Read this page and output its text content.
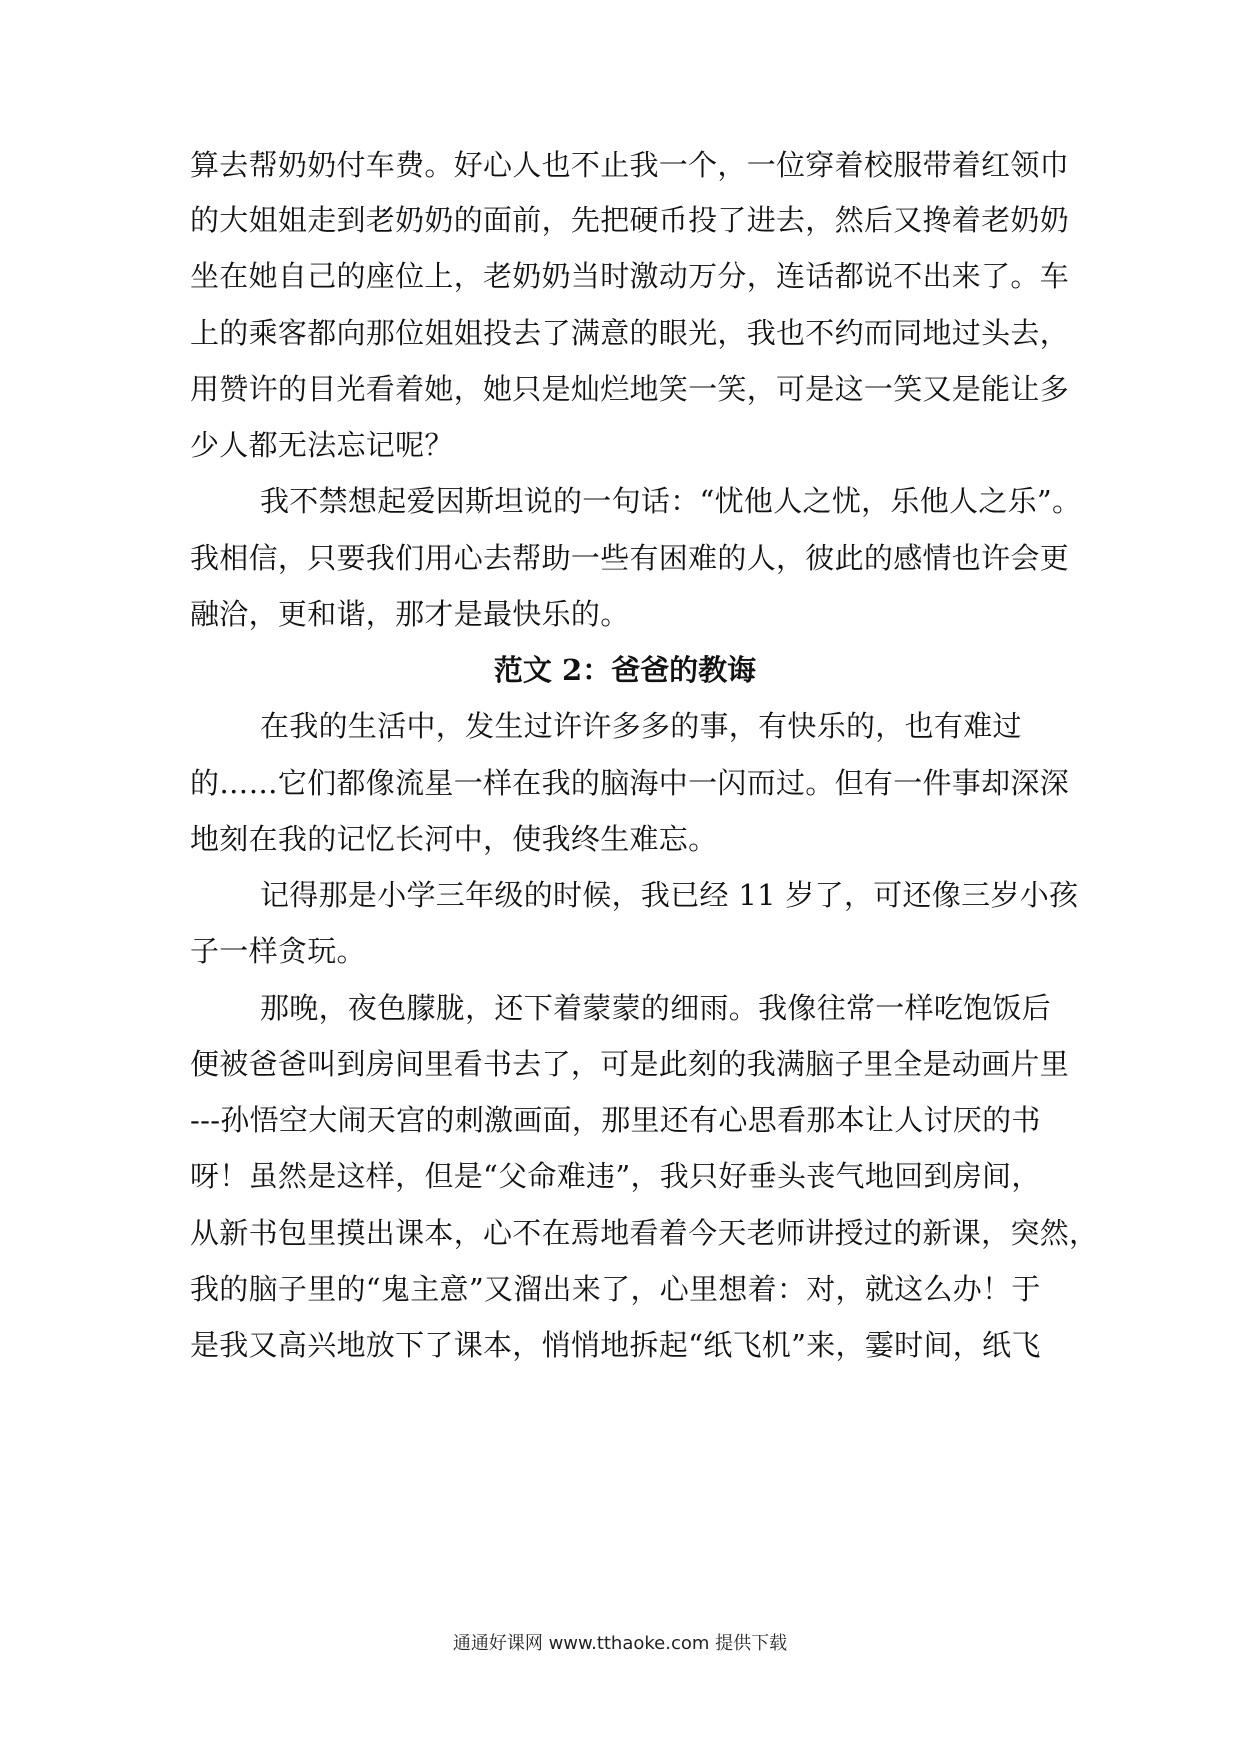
算去帮奶奶付车费。好心人也不止我一个，一位穿着校服带着红领巾
的大姐姐走到老奶奶的面前，先把硬币投了进去，然后又搀着老奶奶
坐在她自己的座位上，老奶奶当时激动万分，连话都说不出来了。车
上的乘客都向那位姐姐投去了满意的眼光，我也不约而同地过头去，
用赞许的目光看着她，她只是灿烂地笑一笑，可是这一笑又是能让多
少人都无法忘记呢？
我不禁想起爱因斯坦说的一句话：“忧他人之忧，乐他人之乐”。
我相信，只要我们用心去帮助一些有困难的人，彼此的感情也许会更
融洽，更和谐，那才是最快乐的。
范文 2：爸爸的教诲
在我的生活中，发生过许许多多的事，有快乐的，也有难过
的……它们都像流星一样在我的脑海中一闪而过。但有一件事却深深
地刻在我的记忆长河中，使我终生难忘。
记得那是小学三年级的时候，我已经 11 岁了，可还像三岁小孩
子一样贪玩。
那晚，夜色朦胧，还下着蒙蒙的细雨。我像往常一样吃饱饭后
便被爸爸叫到房间里看书去了，可是此刻的我满脑子里全是动画片里
---孙悟空大闹天宫的刺激画面，那里还有心思看那本让人讨厌的书
呀！虽然是这样，但是“父命难违”，我只好垂头丧气地回到房间，
从新书包里摸出课本，心不在焉地看着今天老师讲授过的新课，突然，
我的脑子里的“鬼主意”又溜出来了，心里想着：对，就这么办！于
是我又高兴地放下了课本，悄悄地拆起“纸飞机”来，霎时间，纸飞
通通好课网 www.tthaoke.com 提供下载
